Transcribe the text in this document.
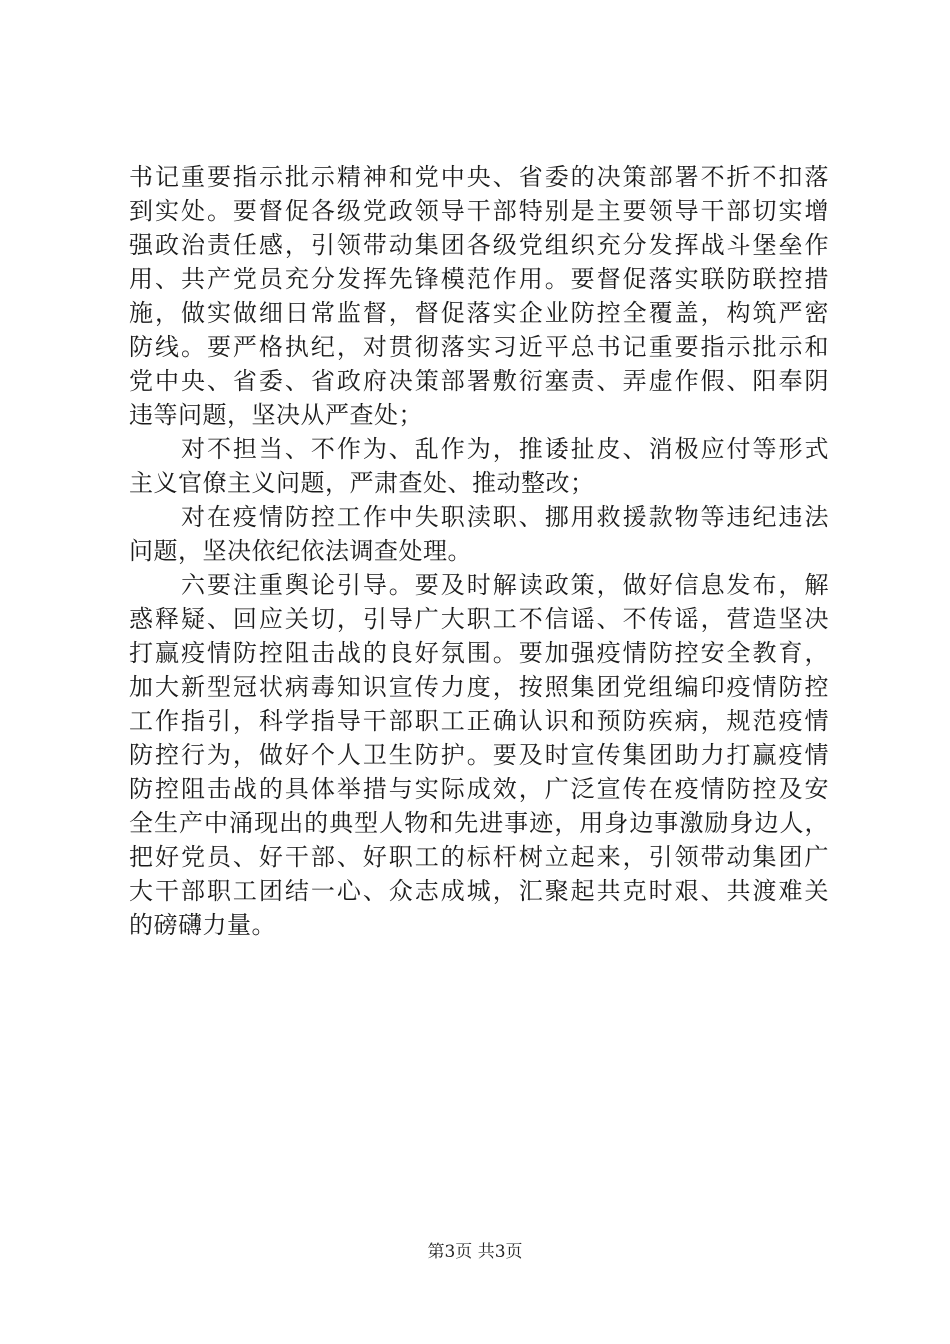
书记重要指示批示精神和党中央、省委的决策部署不折不扣落
到实处。要督促各级党政领导干部特别是主要领导干部切实增
强政治责任感，引领带动集团各级党组织充分发挥战斗堡垒作
用、共产党员充分发挥先锋模范作用。要督促落实联防联控措
施，做实做细日常监督，督促落实企业防控全覆盖，构筑严密
防线。要严格执纪，对贯彻落实习近平总书记重要指示批示和
党中央、省委、省政府决策部署敷衍塞责、弄虚作假、阳奉阴
违等问题，坚决从严查处；
　　对不担当、不作为、乱作为，推诿扯皮、消极应付等形式
主义官僚主义问题，严肃查处、推动整改；
　　对在疫情防控工作中失职渎职、挪用救援款物等违纪违法
问题，坚决依纪依法调查处理。
　　六要注重舆论引导。要及时解读政策，做好信息发布，解
惑释疑、回应关切，引导广大职工不信谣、不传谣，营造坚决
打赢疫情防控阻击战的良好氛围。要加强疫情防控安全教育，
加大新型冠状病毒知识宣传力度，按照集团党组编印疫情防控
工作指引，科学指导干部职工正确认识和预防疾病，规范疫情
防控行为，做好个人卫生防护。要及时宣传集团助力打赢疫情
防控阻击战的具体举措与实际成效，广泛宣传在疫情防控及安
全生产中涌现出的典型人物和先进事迹，用身边事激励身边人，
把好党员、好干部、好职工的标杆树立起来，引领带动集团广
大干部职工团结一心、众志成城，汇聚起共克时艰、共渡难关
的磅礴力量。
第3页 共3页
